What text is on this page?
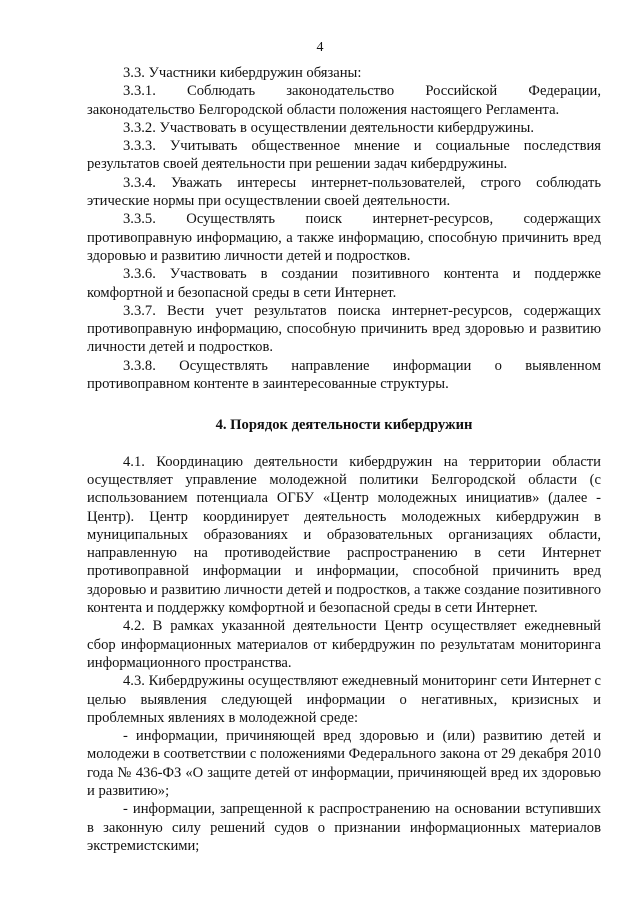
4

3.3. Участники кибердружин обязаны:

3.3.1. Соблюдать законодательство Российской Федерации, законодательство Белгородской области положения настоящего Регламента.

3.3.2. Участвовать в осуществлении деятельности кибердружины.

3.3.3. Учитывать общественное мнение и социальные последствия результатов своей деятельности при решении задач кибердружины.

3.3.4. Уважать интересы интернет-пользователей, строго соблюдать этические нормы при осуществлении своей деятельности.

3.3.5. Осуществлять поиск интернет-ресурсов, содержащих противоправную информацию, а также информацию, способную причинить вред здоровью и развитию личности детей и подростков.

3.3.6. Участвовать в создании позитивного контента и поддержке комфортной и безопасной среды в сети Интернет.

3.3.7. Вести учет результатов поиска интернет-ресурсов, содержащих противоправную информацию, способную причинить вред здоровью и развитию личности детей и подростков.

3.3.8. Осуществлять направление информации о выявленном противоправном контенте в заинтересованные структуры.

4. Порядок деятельности кибердружин

4.1. Координацию деятельности кибердружин на территории области осуществляет управление молодежной политики Белгородской области (с использованием потенциала ОГБУ «Центр молодежных инициатив» (далее - Центр). Центр координирует деятельность молодежных кибердружин в муниципальных образованиях и образовательных организациях области, направленную на противодействие распространению в сети Интернет противоправной информации и информации, способной причинить вред здоровью и развитию личности детей и подростков, а также создание позитивного контента и поддержку комфортной и безопасной среды в сети Интернет.

4.2. В рамках указанной деятельности Центр осуществляет ежедневный сбор информационных материалов от кибердружин по результатам мониторинга информационного пространства.

4.3. Кибердружины осуществляют ежедневный мониторинг сети Интернет с целью выявления следующей информации о негативных, кризисных и проблемных явлениях в молодежной среде:

- информации, причиняющей вред здоровью и (или) развитию детей и молодежи в соответствии с положениями Федерального закона от 29 декабря 2010 года № 436-ФЗ «О защите детей от информации, причиняющей вред их здоровью и развитию»;

- информации, запрещенной к распространению на основании вступивших в законную силу решений судов о признании информационных материалов экстремистскими;
